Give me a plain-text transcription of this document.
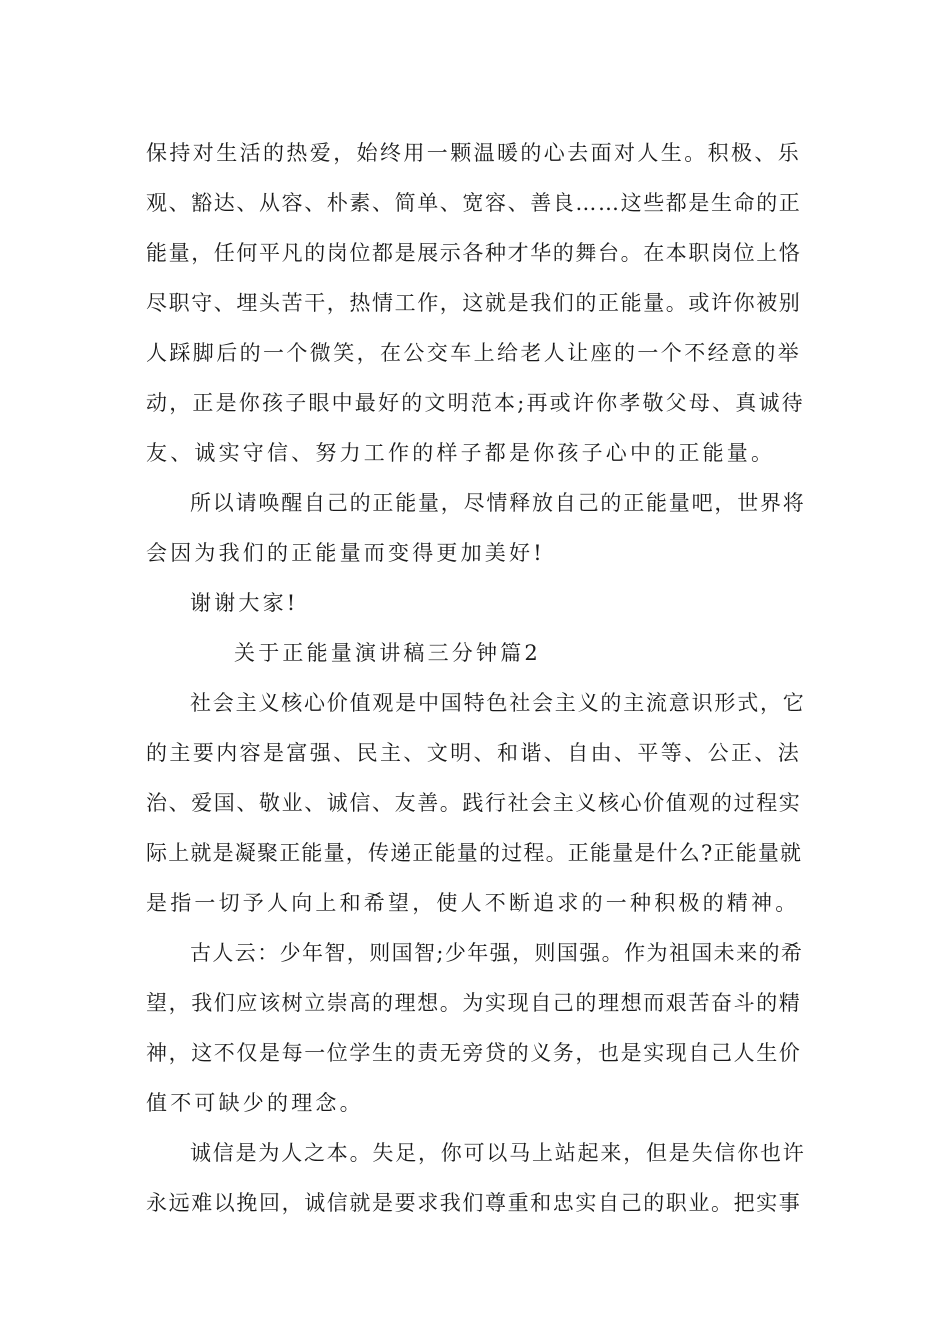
保持对生活的热爱，始终用一颗温暖的心去面对人生。积极、乐
观、豁达、从容、朴素、简单、宽容、善良……这些都是生命的正
能量，任何平凡的岗位都是展示各种才华的舞台。在本职岗位上恪
尽职守、埋头苦干，热情工作，这就是我们的正能量。或许你被别
人踩脚后的一个微笑，在公交车上给老人让座的一个不经意的举
动，正是你孩子眼中最好的文明范本;再或许你孝敬父母、真诚待
友、诚实守信、努力工作的样子都是你孩子心中的正能量。
所以请唤醒自己的正能量，尽情释放自己的正能量吧，世界将
会因为我们的正能量而变得更加美好!
谢谢大家!
关于正能量演讲稿三分钟篇2
社会主义核心价值观是中国特色社会主义的主流意识形式，它
的主要内容是富强、民主、文明、和谐、自由、平等、公正、法
治、爱国、敬业、诚信、友善。践行社会主义核心价值观的过程实
际上就是凝聚正能量，传递正能量的过程。正能量是什么?正能量就
是指一切予人向上和希望，使人不断追求的一种积极的精神。
古人云：少年智，则国智;少年强，则国强。作为祖国未来的希
望，我们应该树立崇高的理想。为实现自己的理想而艰苦奋斗的精
神，这不仅是每一位学生的责无旁贷的义务，也是实现自己人生价
值不可缺少的理念。
诚信是为人之本。失足，你可以马上站起来，但是失信你也许
永远难以挽回，诚信就是要求我们尊重和忠实自己的职业。把实事
